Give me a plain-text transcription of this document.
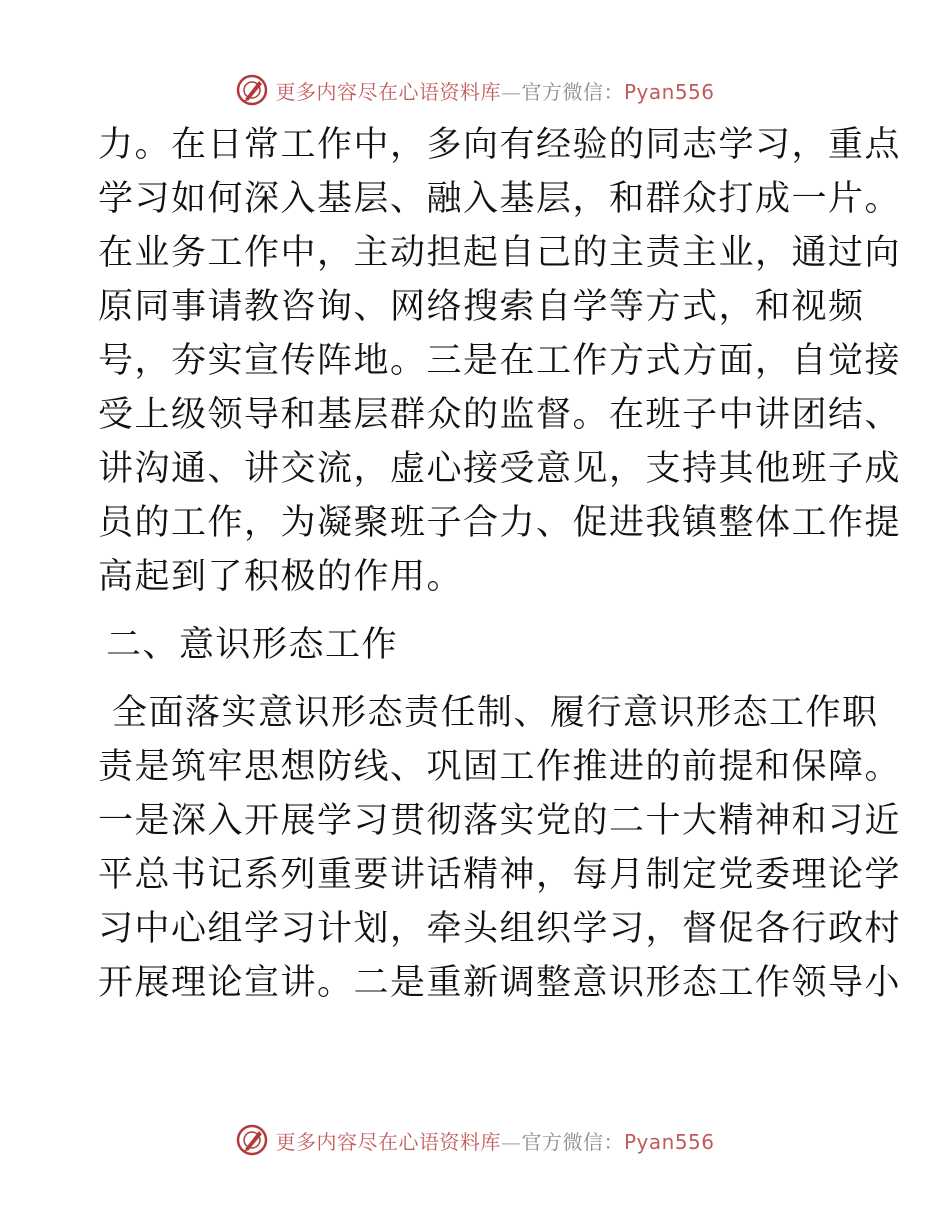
更多内容尽在心语资料库—官方微信：Pyan556
力。在日常工作中，多向有经验的同志学习，重点
学习如何深入基层、融入基层，和群众打成一片。
在业务工作中，主动担起自己的主责主业，通过向
原同事请教咨询、网络搜索自学等方式，和视频
号，夯实宣传阵地。三是在工作方式方面，自觉接
受上级领导和基层群众的监督。在班子中讲团结、
讲沟通、讲交流，虚心接受意见，支持其他班子成
员的工作，为凝聚班子合力、促进我镇整体工作提
高起到了积极的作用。
二、意识形态工作
全面落实意识形态责任制、履行意识形态工作职
责是筑牢思想防线、巩固工作推进的前提和保障。
一是深入开展学习贯彻落实党的二十大精神和习近
平总书记系列重要讲话精神，每月制定党委理论学
习中心组学习计划，牵头组织学习，督促各行政村
开展理论宣讲。二是重新调整意识形态工作领导小
更多内容尽在心语资料库—官方微信：Pyan556
